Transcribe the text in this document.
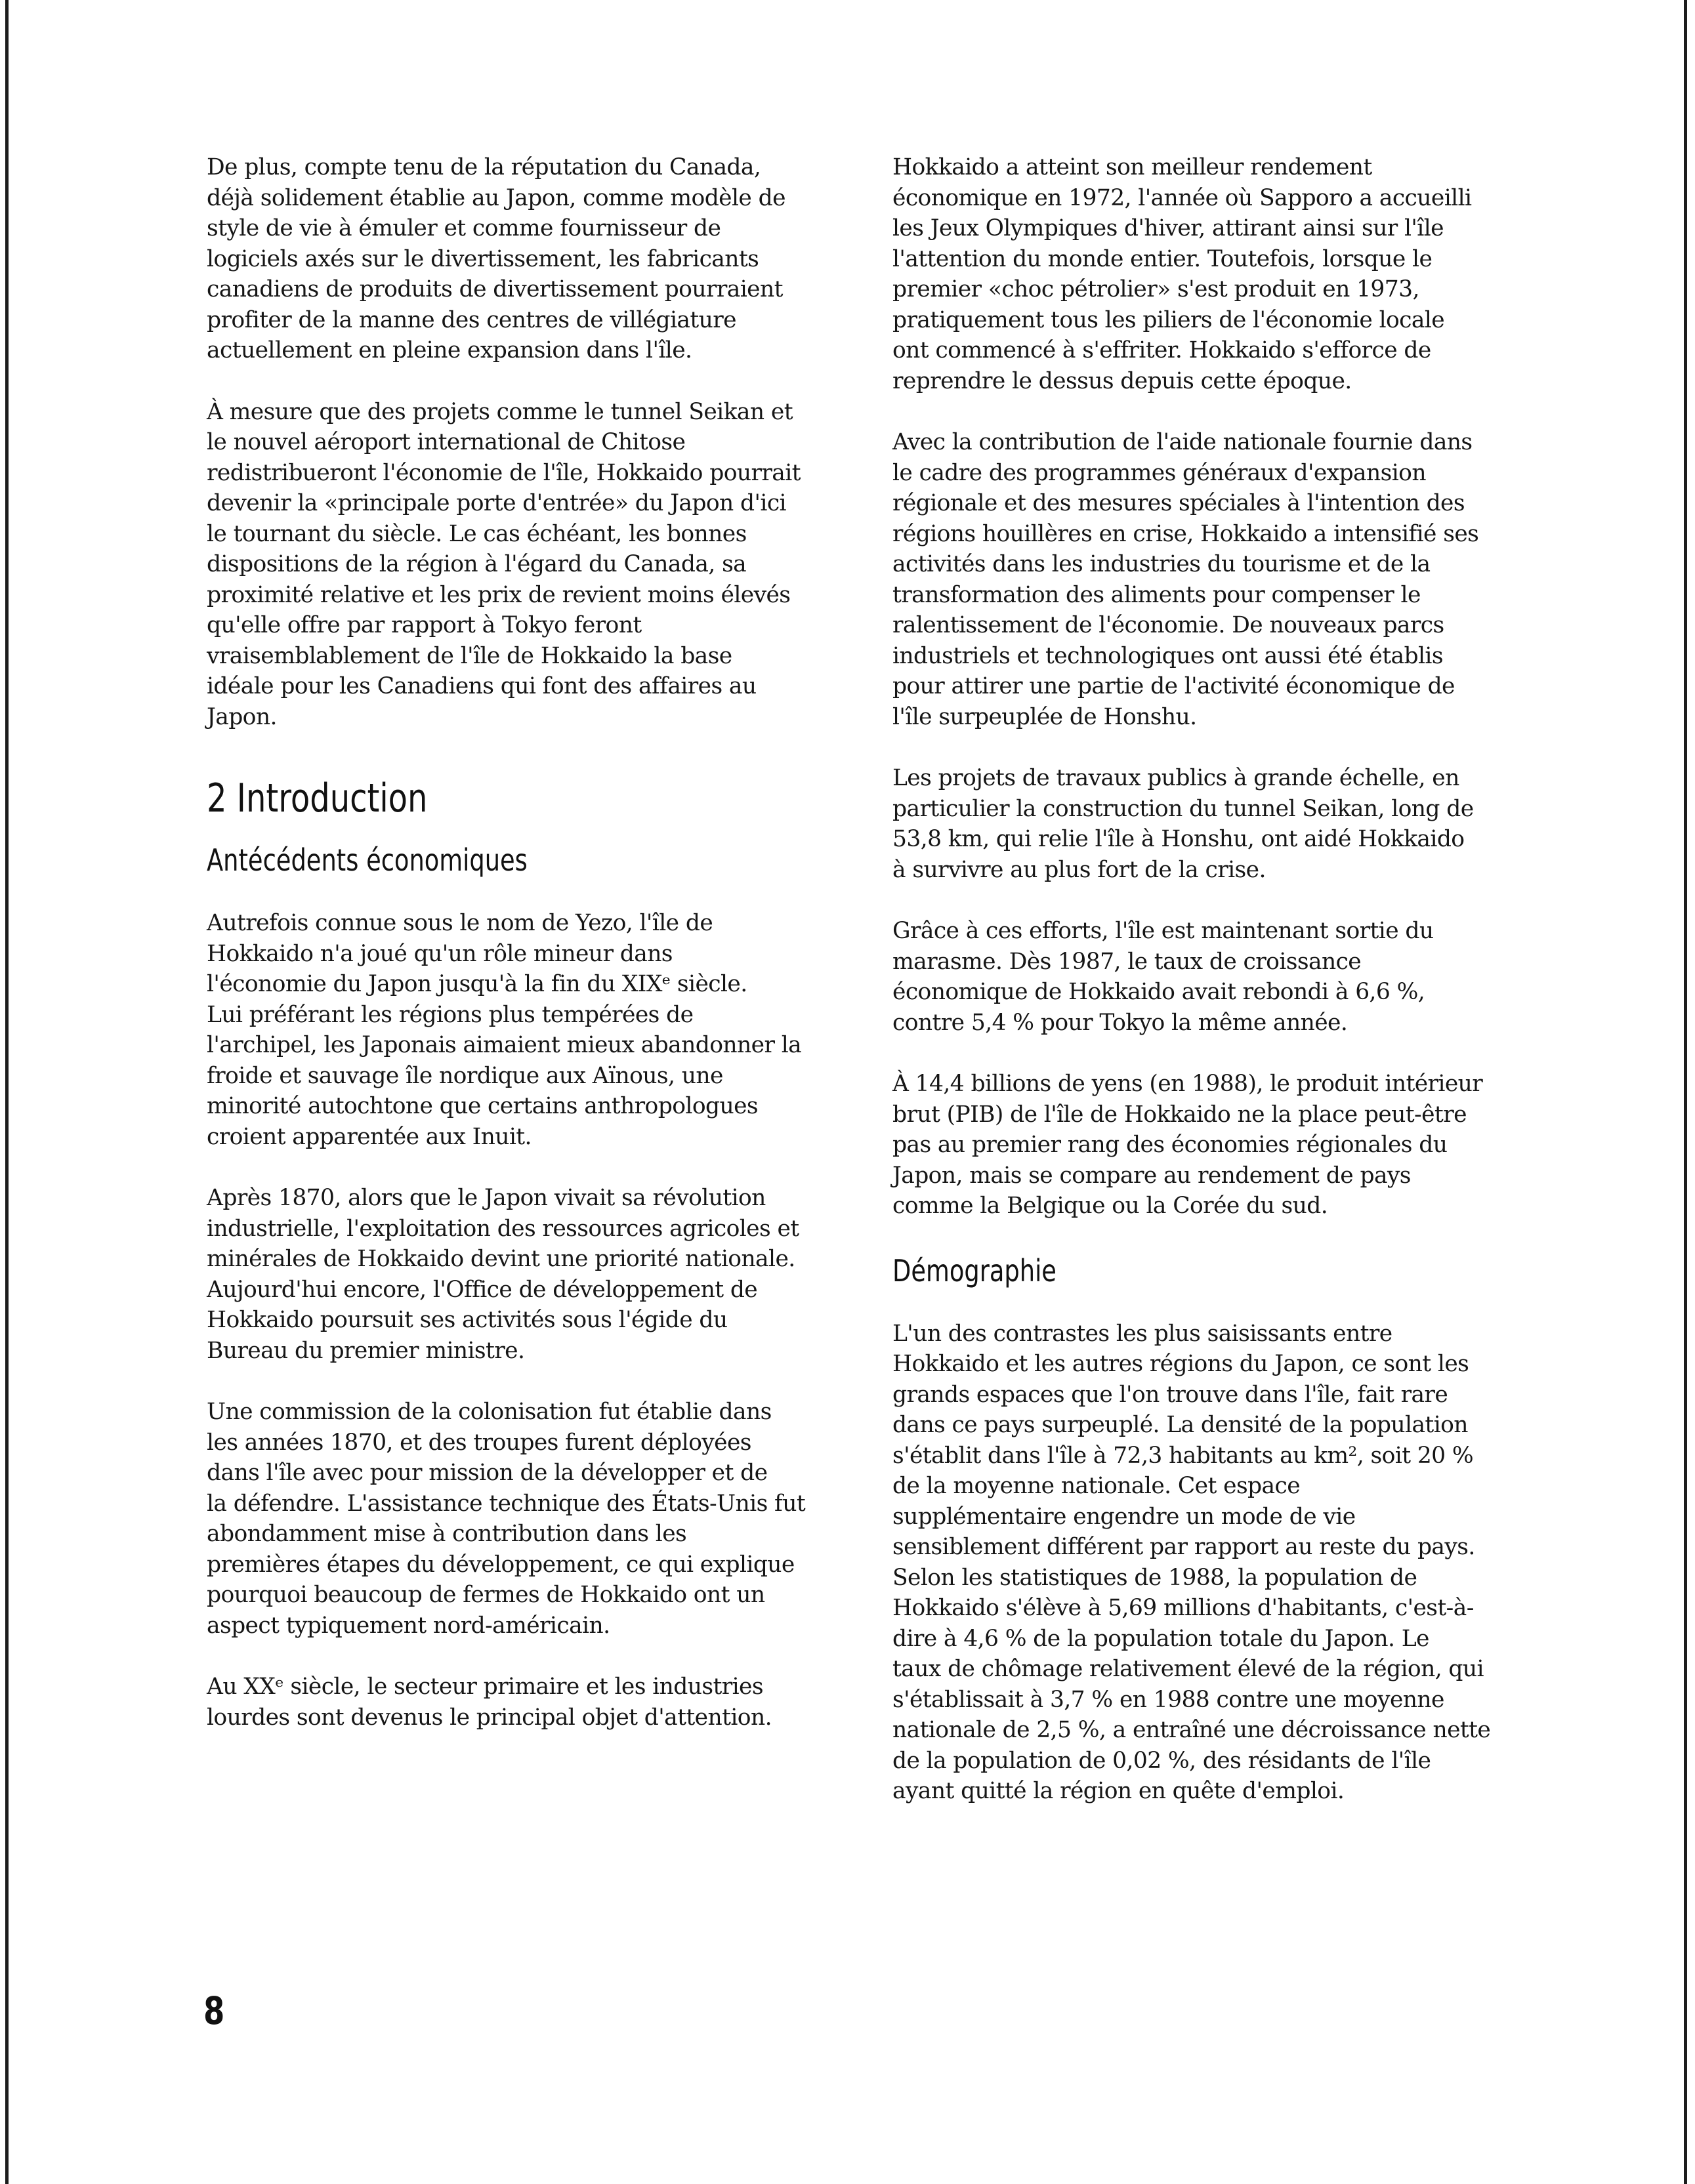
De plus, compte tenu de la réputation du Canada,
déjà solidement établie au Japon, comme modèle de
style de vie à émuler et comme fournisseur de
logiciels axés sur le divertissement, les fabricants
canadiens de produits de divertissement pourraient
profiter de la manne des centres de villégiature
actuellement en pleine expansion dans l'île.

À mesure que des projets comme le tunnel Seikan et
le nouvel aéroport international de Chitose
redistribueront l'économie de l'île, Hokkaido pourrait
devenir la «principale porte d'entrée» du Japon d'ici
le tournant du siècle. Le cas échéant, les bonnes
dispositions de la région à l'égard du Canada, sa
proximité relative et les prix de revient moins élevés
qu'elle offre par rapport à Tokyo feront
vraisemblablement de l'île de Hokkaido la base
idéale pour les Canadiens qui font des affaires au
Japon.

2 Introduction
Antécédents économiques

Autrefois connue sous le nom de Yezo, l'île de
Hokkaido n'a joué qu'un rôle mineur dans
l'économie du Japon jusqu'à la fin du XIXᵉ siècle.
Lui préférant les régions plus tempérées de
l'archipel, les Japonais aimaient mieux abandonner la
froide et sauvage île nordique aux Aïnous, une
minorité autochtone que certains anthropologues
croient apparentée aux Inuit.

Après 1870, alors que le Japon vivait sa révolution
industrielle, l'exploitation des ressources agricoles et
minérales de Hokkaido devint une priorité nationale.
Aujourd'hui encore, l'Office de développement de
Hokkaido poursuit ses activités sous l'égide du
Bureau du premier ministre.

Une commission de la colonisation fut établie dans
les années 1870, et des troupes furent déployées
dans l'île avec pour mission de la développer et de
la défendre. L'assistance technique des États-Unis fut
abondamment mise à contribution dans les
premières étapes du développement, ce qui explique
pourquoi beaucoup de fermes de Hokkaido ont un
aspect typiquement nord-américain.

Au XXᵉ siècle, le secteur primaire et les industries
lourdes sont devenus le principal objet d'attention.

Hokkaido a atteint son meilleur rendement
économique en 1972, l'année où Sapporo a accueilli
les Jeux Olympiques d'hiver, attirant ainsi sur l'île
l'attention du monde entier. Toutefois, lorsque le
premier «choc pétrolier» s'est produit en 1973,
pratiquement tous les piliers de l'économie locale
ont commencé à s'effriter. Hokkaido s'efforce de
reprendre le dessus depuis cette époque.

Avec la contribution de l'aide nationale fournie dans
le cadre des programmes généraux d'expansion
régionale et des mesures spéciales à l'intention des
régions houillères en crise, Hokkaido a intensifié ses
activités dans les industries du tourisme et de la
transformation des aliments pour compenser le
ralentissement de l'économie. De nouveaux parcs
industriels et technologiques ont aussi été établis
pour attirer une partie de l'activité économique de
l'île surpeuplée de Honshu.

Les projets de travaux publics à grande échelle, en
particulier la construction du tunnel Seikan, long de
53,8 km, qui relie l'île à Honshu, ont aidé Hokkaido
à survivre au plus fort de la crise.

Grâce à ces efforts, l'île est maintenant sortie du
marasme. Dès 1987, le taux de croissance
économique de Hokkaido avait rebondi à 6,6 %,
contre 5,4 % pour Tokyo la même année.

À 14,4 billions de yens (en 1988), le produit intérieur
brut (PIB) de l'île de Hokkaido ne la place peut-être
pas au premier rang des économies régionales du
Japon, mais se compare au rendement de pays
comme la Belgique ou la Corée du sud.

Démographie

L'un des contrastes les plus saisissants entre
Hokkaido et les autres régions du Japon, ce sont les
grands espaces que l'on trouve dans l'île, fait rare
dans ce pays surpeuplé. La densité de la population
s'établit dans l'île à 72,3 habitants au km², soit 20 %
de la moyenne nationale. Cet espace
supplémentaire engendre un mode de vie
sensiblement différent par rapport au reste du pays.
Selon les statistiques de 1988, la population de
Hokkaido s'élève à 5,69 millions d'habitants, c'est-à-
dire à 4,6 % de la population totale du Japon. Le
taux de chômage relativement élevé de la région, qui
s'établissait à 3,7 % en 1988 contre une moyenne
nationale de 2,5 %, a entraîné une décroissance nette
de la population de 0,02 %, des résidants de l'île
ayant quitté la région en quête d'emploi.

8
